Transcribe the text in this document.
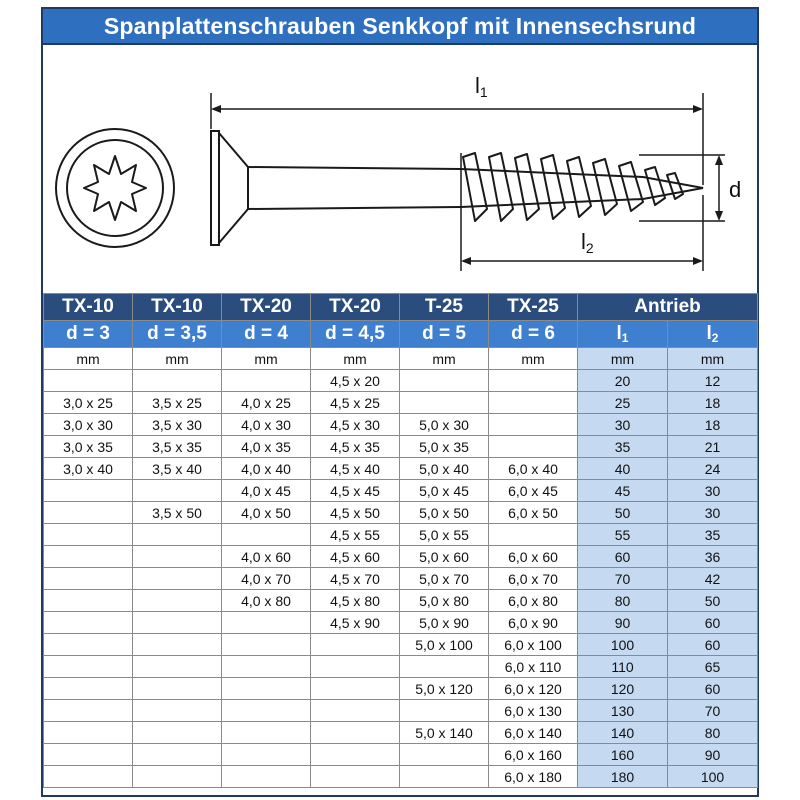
Spanplattenschrauben Senkkopf mit Innensechsrund
l1
l2
d
TX-10	TX-10	TX-20	TX-20	T-25	TX-25	Antrieb	
d = 3	d = 3,5	d = 4	d = 4,5	d = 5	d = 6	$l_1$	$l_2$
mm	mm	mm	mm	mm	mm	mm	mm
			4,5 x 20			20	12
3,0 x 25	3,5 x 25	4,0 x 25	4,5 x 25			25	18
3,0 x 30	3,5 x 30	4,0 x 30	4,5 x 30	5,0 x 30		30	18
3,0 x 35	3,5 x 35	4,0 x 35	4,5 x 35	5,0 x 35		35	21
3,0 x 40	3,5 x 40	4,0 x 40	4,5 x 40	5,0 x 40	6,0 x 40	40	24
		4,0 x 45	4,5 x 45	5,0 x 45	6,0 x 45	45	30
	3,5 x 50	4,0 x 50	4,5 x 50	5,0 x 50	6,0 x 50	50	30
			4,5 x 55	5,0 x 55		55	35
		4,0 x 60	4,5 x 60	5,0 x 60	6,0 x 60	60	36
		4,0 x 70	4,5 x 70	5,0 x 70	6,0 x 70	70	42
		4,0 x 80	4,5 x 80	5,0 x 80	6,0 x 80	80	50
			4,5 x 90	5,0 x 90	6,0 x 90	90	60
				5,0 x 100	6,0 x 100	100	60
					6,0 x 110	110	65
				5,0 x 120	6,0 x 120	120	60
					6,0 x 130	130	70
				5,0 x 140	6,0 x 140	140	80
					6,0 x 160	160	90
					6,0 x 180	180	100
